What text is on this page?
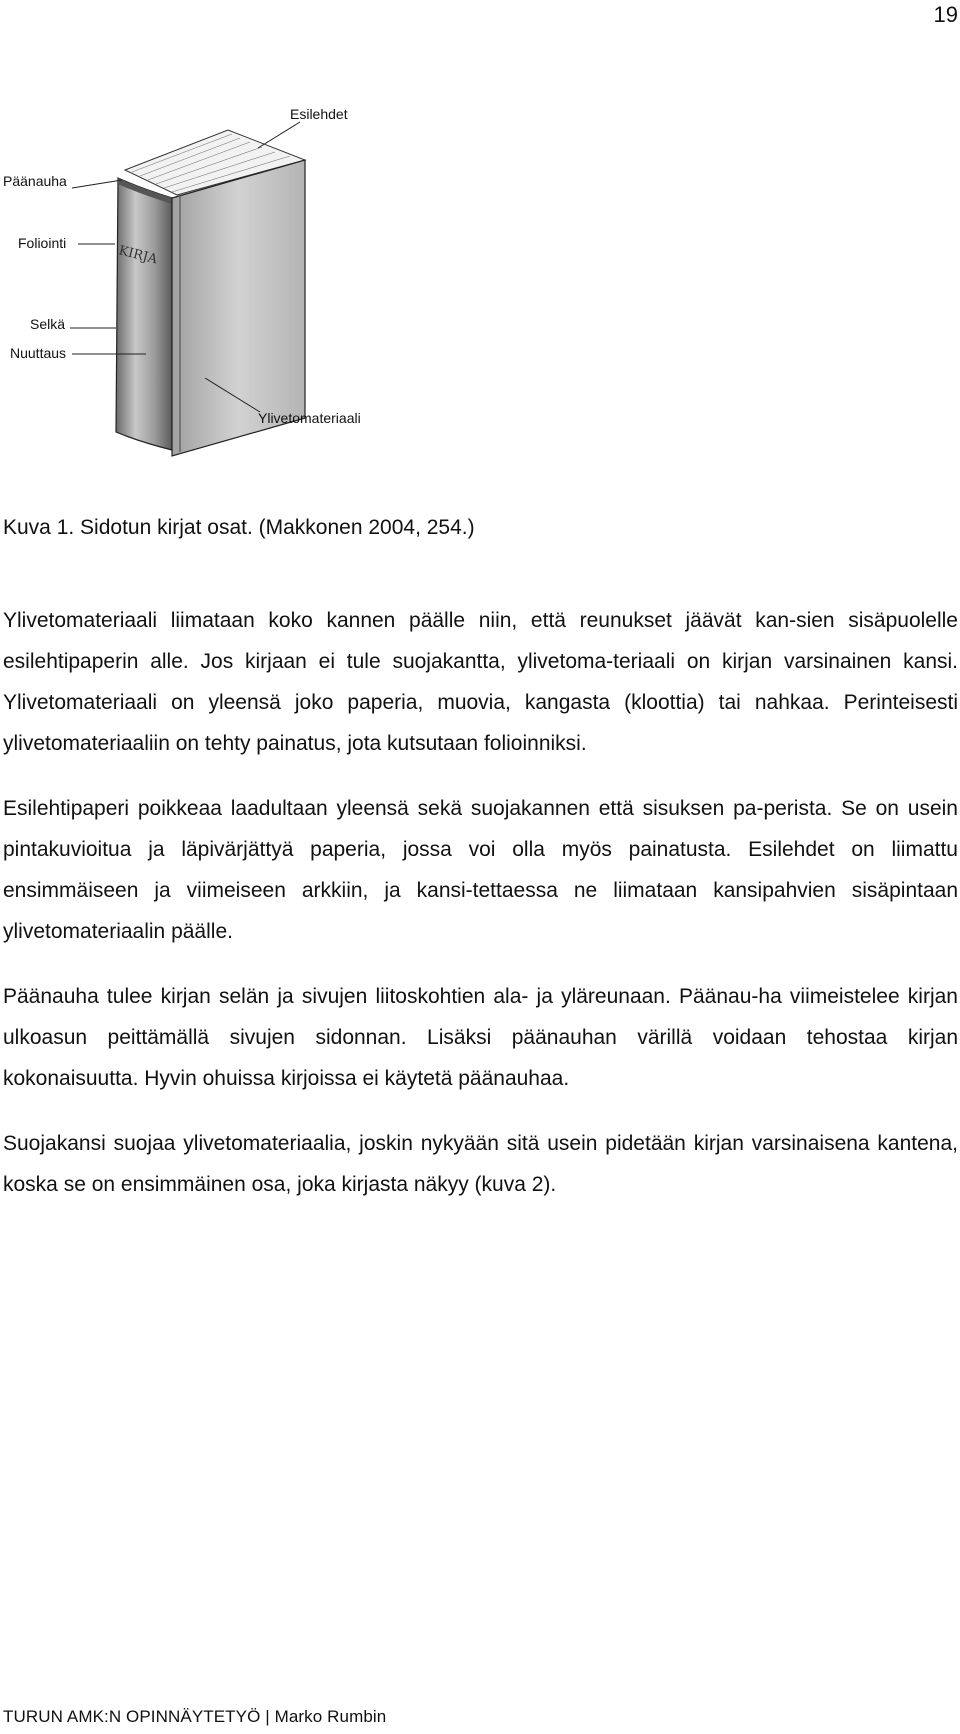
19
KIRJA
Esilehdet
Päänauha
Foliointi
Selkä
Nuuttaus
Ylivetomateriaali
Kuva 1. Sidotun kirjat osat. (Makkonen 2004, 254.)

Ylivetomateriaali liimataan koko kannen päälle niin, että reunukset jäävät kan-sien sisäpuolelle esilehtipaperin alle. Jos kirjaan ei tule suojakantta, ylivetoma-teriaali on kirjan varsinainen kansi. Ylivetomateriaali on yleensä joko paperia, muovia, kangasta (kloottia) tai nahkaa. Perinteisesti ylivetomateriaaliin on tehty painatus, jota kutsutaan folioinniksi.

Esilehtipaperi poikkeaa laadultaan yleensä sekä suojakannen että sisuksen pa-perista. Se on usein pintakuvioitua ja läpivärjättyä paperia, jossa voi olla myös painatusta. Esilehdet on liimattu ensimmäiseen ja viimeiseen arkkiin, ja kansi-tettaessa ne liimataan kansipahvien sisäpintaan ylivetomateriaalin päälle.

Päänauha tulee kirjan selän ja sivujen liitoskohtien ala- ja yläreunaan. Päänau-ha viimeistelee kirjan ulkoasun peittämällä sivujen sidonnan. Lisäksi päänauhan värillä voidaan tehostaa kirjan kokonaisuutta. Hyvin ohuissa kirjoissa ei käytetä päänauhaa.

Suojakansi suojaa ylivetomateriaalia, joskin nykyään sitä usein pidetään kirjan varsinaisena kantena, koska se on ensimmäinen osa, joka kirjasta näkyy (kuva 2).

TURUN AMK:N OPINNÄYTETYÖ | Marko Rumbin
